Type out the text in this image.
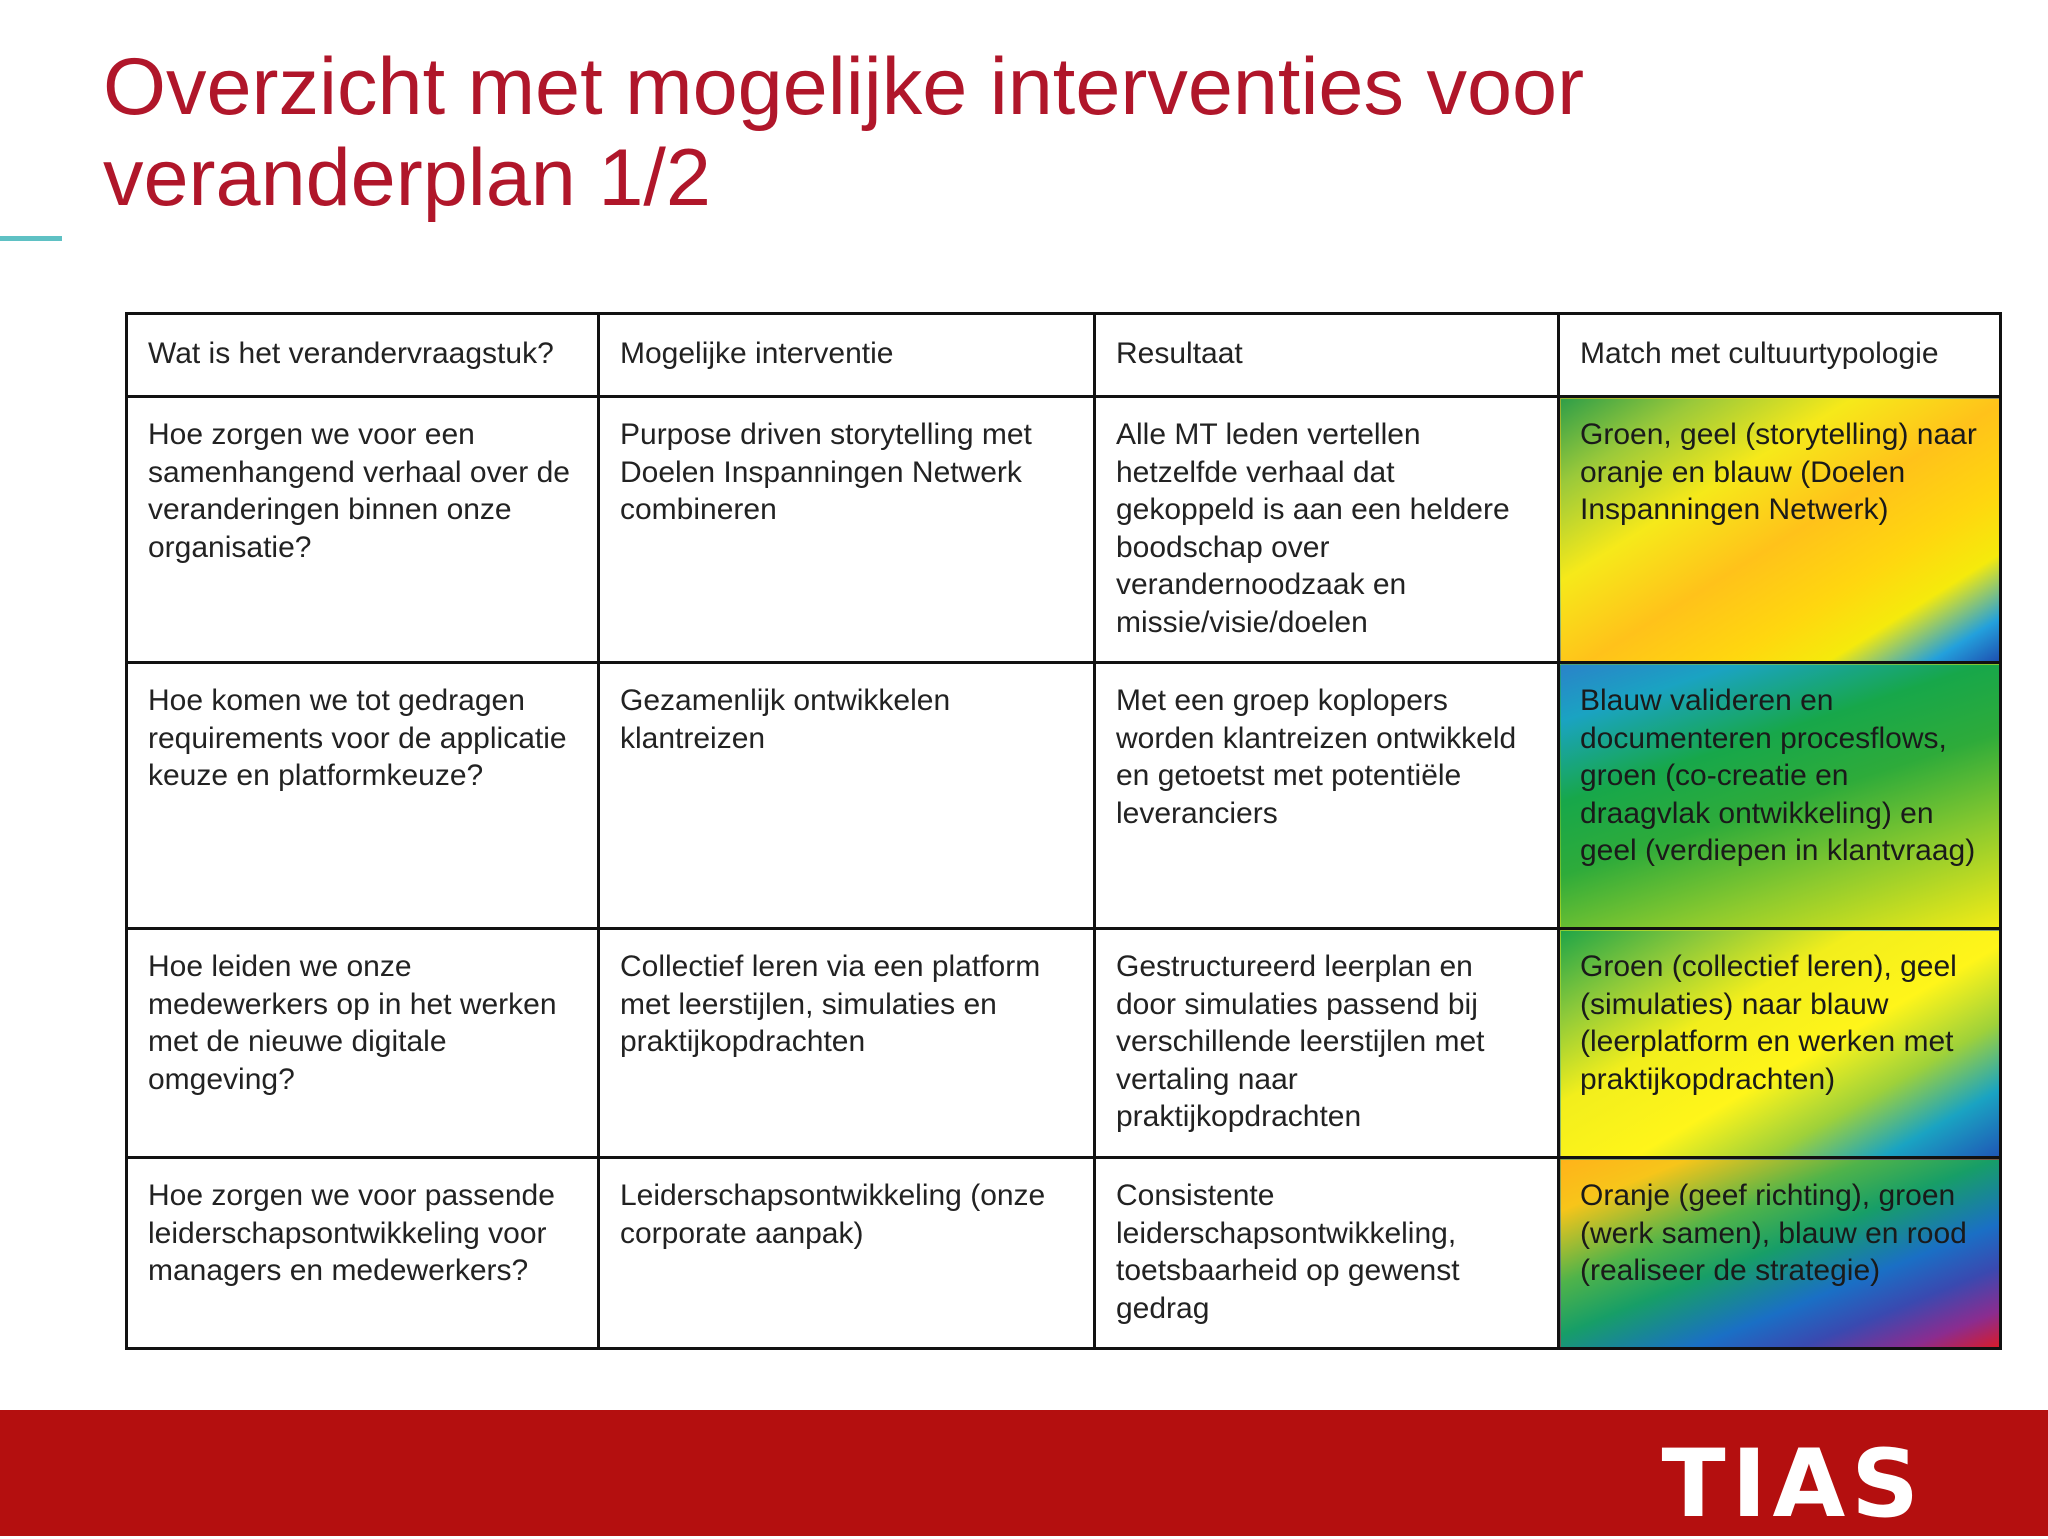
Overzicht met mogelijke interventies voor
veranderplan 1/2
Wat is het verandervraagstuk?	Mogelijke interventie	Resultaat	Match met cultuurtypologie
Hoe zorgen we voor een samenhangend verhaal over de veranderingen binnen onze organisatie?	Purpose driven storytelling met Doelen Inspanningen Netwerk combineren	Alle MT leden vertellen hetzelfde verhaal dat gekoppeld is aan een heldere boodschap over verandernoodzaak en missie/visie/doelen	Groen, geel (storytelling) naar oranje en blauw (Doelen Inspanningen Netwerk)
Hoe komen we tot gedragen requirements voor de applicatie keuze en platformkeuze?	Gezamenlijk ontwikkelen klantreizen	Met een groep koplopers worden klantreizen ontwikkeld en getoetst met potentiële leveranciers	Blauw valideren en documenteren procesflows, groen (co-creatie en draagvlak ontwikkeling) en geel (verdiepen in klantvraag)
Hoe leiden we onze medewerkers op in het werken met de nieuwe digitale omgeving?	Collectief leren via een platform met leerstijlen, simulaties en praktijkopdrachten	Gestructureerd leerplan en door simulaties passend bij verschillende leerstijlen met vertaling naar praktijkopdrachten	Groen (collectief leren), geel (simulaties) naar blauw (leerplatform en werken met praktijkopdrachten)
Hoe zorgen we voor passende leiderschapsontwikkeling voor managers en medewerkers?	Leiderschapsontwikkeling (onze corporate aanpak)	Consistente leiderschapsontwikkeling, toetsbaarheid op gewenst gedrag	Oranje (geef richting), groen (werk samen), blauw en rood (realiseer de strategie)
TIAS
